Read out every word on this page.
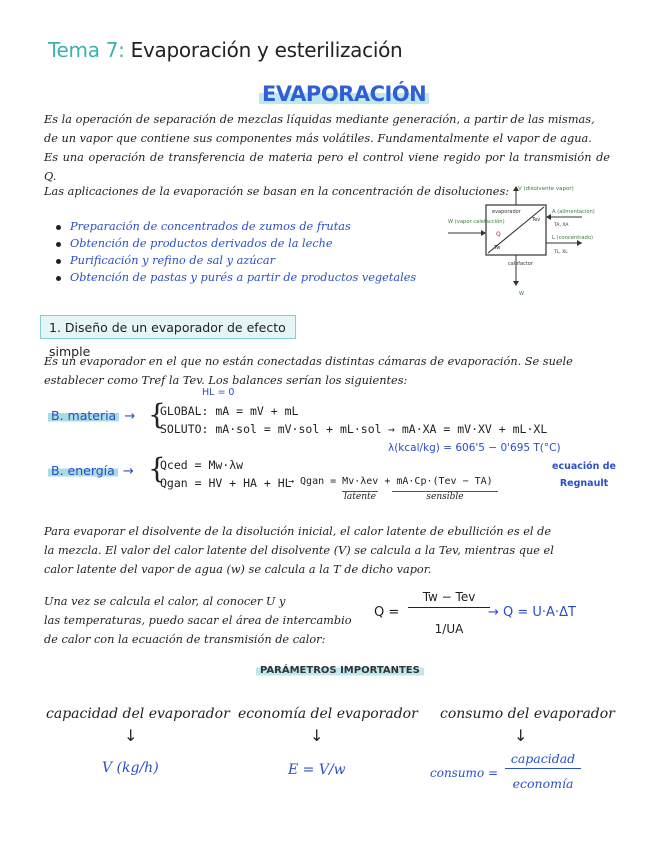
Tema 7: Evaporación y esterilización
EVAPORACIÓN
Es la operación de separación de mezclas líquidas mediante generación, a partir de las mismas,
de un vapor que contiene sus componentes más volátiles. Fundamentalmente el vapor de agua.
Es una operación de transferencia de materia pero el control viene regido por la transmisión de Q.
Las aplicaciones de la evaporación se basan en la concentración de disoluciones:
Preparación de concentrados de zumos de frutas
Obtención de productos derivados de la leche
Purificación y refino de sal y azúcar
Obtención de pastas y purés a partir de productos vegetales
V (disolvente vapor)
evaporador
Tev
A (alimentación)
TA, XA
W (vapor calefacción)
Q
Tw
L (concentrado)
TL, XL
calefactor
W
1. Diseño de un evaporador de efecto simple
Es un evaporador en el que no están conectadas distintas cámaras de evaporación. Se suele
establecer como Tref la Tev. Los balances serían los siguientes:
HL = 0
B. materia → {
GLOBAL: mA = mV + mL
SOLUTO: mA·sol = mV·sol + mL·sol → mA·XA = mV·XV + mL·XL
λ(kcal/kg) = 606'5 − 0'695 T(°C)
B. energía → {
Qced = Mw·λw
Qgan = HV + HA + HL
→ Qgan = Mv·λev + mA·Cp·(Tev − TA)
latente	sensible
ecuación de
Regnault
Para evaporar el disolvente de la disolución inicial, el calor latente de ebullición es el de
la mezcla. El valor del calor latente del disolvente (V) se calcula a la Tev, mientras que el
calor latente del vapor de agua (w) se calcula a la T de dicho vapor.
Una vez se calcula el calor, al conocer U y
las temperaturas, puedo sacar el área de intercambio
de calor con la ecuación de transmisión de calor:
Q =
Tw − Tev
1/UA
→ Q = U·A·ΔT
PARÁMETROS IMPORTANTES
capacidad del evaporador
↓
V (kg/h)
economía del evaporador
↓
E = V/w
consumo del evaporador
↓
consumo =
capacidad
economía
